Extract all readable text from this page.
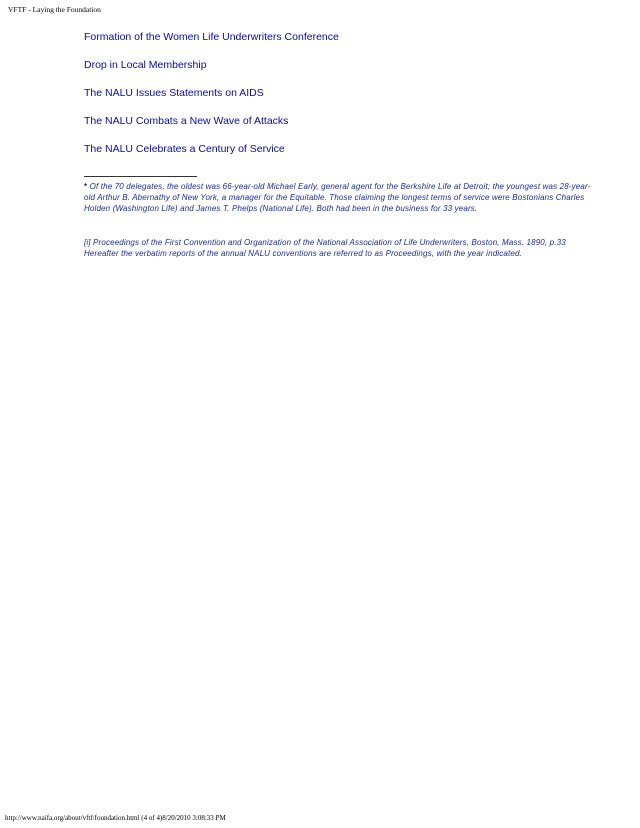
VFTF - Laying the Foundation
Formation of the Women Life Underwriters Conference
Drop in Local Membership
The NALU Issues Statements on AIDS
The NALU Combats a New Wave of Attacks
The NALU Celebrates a Century of Service

* Of the 70 delegates, the oldest was 66-year-old Michael Early, general agent for the Berkshire Life at Detroit; the youngest was 28-year-old Arthur B. Abernathy of New York, a manager for the Equitable. Those claiming the longest terms of service were Bostonians Charles Holden (Washington Life) and James T. Phelps (National Life). Both had been in the business for 33 years.

[i] Proceedings of the First Convention and Organization of the National Association of Life Underwriters, Boston, Mass. 1890, p.33 Hereafter the verbatim reports of the annual NALU conventions are referred to as Proceedings, with the year indicated.

http://www.naifa.org/about/vftf/foundation.html (4 of 4)8/20/2010 3:08:33 PM
